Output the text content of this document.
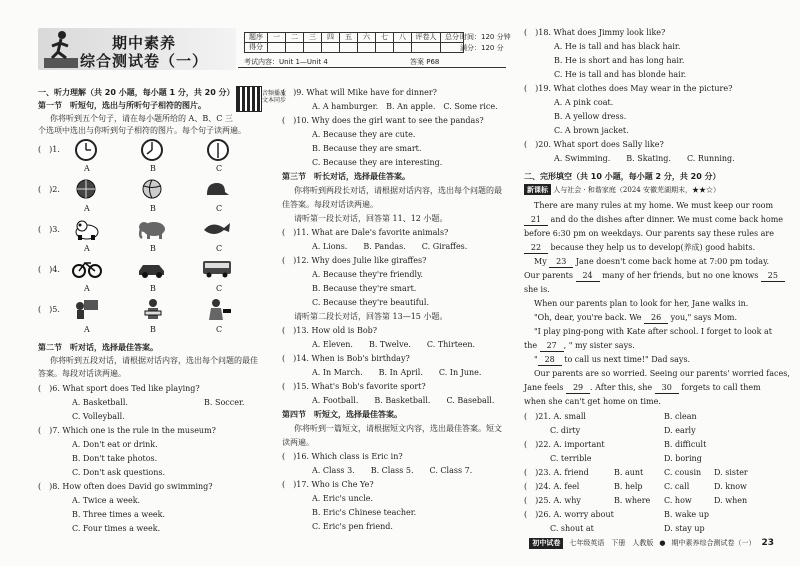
期中素养
综合测试卷（一）
题序	一	二	三	四	五	六	七	八	评卷人	总分
得分										
时间：120 分钟
满分：120 分
考试内容：Unit 1—Unit 4	答案 P68
音频播放
文本同步
一、听力理解（共 20 小题，每小题 1 分，共 20 分）
第一节　听短句，选出与所听句子相符的图片。
你将听到五个句子，请在每小题所给的 A、B、C 三
个选项中选出与你听到句子相符的图片。每个句子读两遍。
(　)1.
A	B	C
(　)2.
A	B	C
(　)3.
A	B	C
(　)4.
A	B	C
(　)5.
A	B	C
第二节　听对话，选择最佳答案。
你将听到五段对话，请根据对话内容，选出每个问题的最佳
答案。每段对话读两遍。
(　)6. What sport does Ted like playing?
A. Basketball.	B. Soccer.
C. Volleyball.
(　)7. Which one is the rule in the museum?
A. Don't eat or drink.
B. Don't take photos.
C. Don't ask questions.
(　)8. How often does David go swimming?
A. Twice a week.
B. Three times a week.
C. Four times a week.
(　)9. What will Mike have for dinner?
A. A hamburger.　B. An apple.　C. Some rice.
(　)10. Why does the girl want to see the pandas?
A. Because they are cute.
B. Because they are smart.
C. Because they are interesting.
第三节　听长对话，选择最佳答案。
你将听到两段长对话，请根据对话内容，选出每个问题的最
佳答案。每段对话读两遍。
请听第一段长对话，回答第 11、12 小题。
(　)11. What are Dale's favorite animals?
A. Lions.　　B. Pandas.　　C. Giraffes.
(　)12. Why does Julie like giraffes?
A. Because they're friendly.
B. Because they're smart.
C. Because they're beautiful.
请听第二段长对话，回答第 13—15 小题。
(　)13. How old is Bob?
A. Eleven.　　B. Twelve.　　C. Thirteen.
(　)14. When is Bob's birthday?
A. In March.　　B. In April.　　C. In June.
(　)15. What's Bob's favorite sport?
A. Football.　　B. Basketball.　　C. Baseball.
第四节　听短文，选择最佳答案。
你将听到一篇短文，请根据短文内容，选出最佳答案。短文
读两遍。
(　)16. Which class is Eric in?
A. Class 3.　　B. Class 5.　　C. Class 7.
(　)17. Who is Che Ye?
A. Eric's uncle.
B. Eric's Chinese teacher.
C. Eric's pen friend.
(　)18. What does Jimmy look like?
A. He is tall and has black hair.
B. He is short and has long hair.
C. He is tall and has blonde hair.
(　)19. What clothes does May wear in the picture?
A. A pink coat.
B. A yellow dress.
C. A brown jacket.
(　)20. What sport does Sally like?
A. Swimming.　　B. Skating.　　C. Running.
二、完形填空（共 10 小题，每小题 2 分，共 20 分）
新课标 人与社会 · 和谐家庭（2024 安徽芜湖期末，★★☆）
There are many rules at my home. We must keep our room
21 and do the dishes after dinner. We must come back home
before 6:30 pm on weekdays. Our parents say these rules are
22 because they help us to develop(养成) good habits.
My 23 Jane doesn't come back home at 7:00 pm today.
Our parents 24 many of her friends, but no one knows 25
she is.
When our parents plan to look for her, Jane walks in.
"Oh, dear, you're back. We 26 you," says Mom.
"I play ping-pong with Kate after school. I forget to look at
the 27 , " my sister says.
" 28 to call us next time!" Dad says.
Our parents are so worried. Seeing our parents' worried faces,
Jane feels 29 . After this, she 30 forgets to call them
when she can't get home on time.
(　)21. A. small	B. clean
C. dirty	D. early
(　)22. A. important	B. difficult
C. terrible	D. boring
(　)23. A. friend	B. aunt	C. cousin D. sister
(　)24. A. feel	B. help	C. call	D. know
(　)25. A. why	B. where C. how	D. when
(　)26. A. worry about	B. wake up
C. shout at	D. stay up
初中试卷	七年级英语　下册　人教版 ● 期中素养综合测试卷（一） 23
